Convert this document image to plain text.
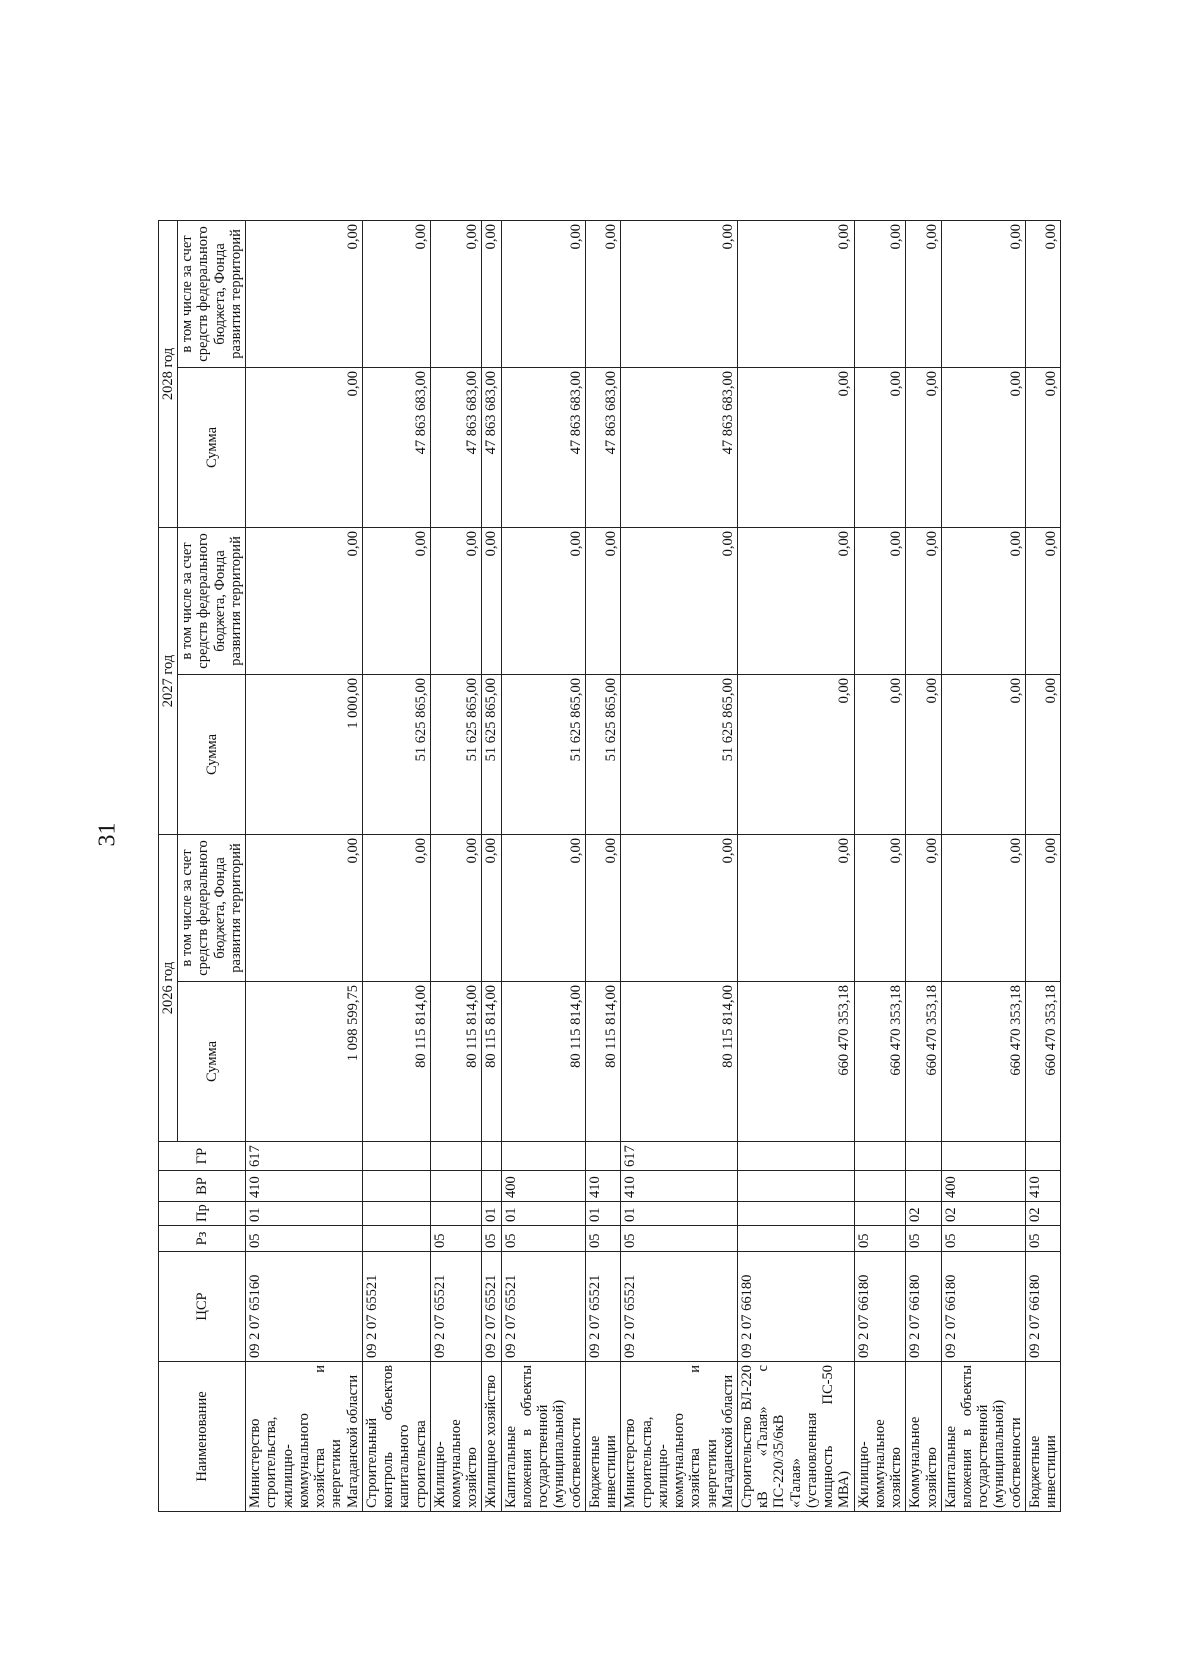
31
Наименование	ЦСР	Рз	Пр	ВР	ГР	2026 год		2027 год		2028 год		
						Сумма	в том числе за счет средств федерального бюджета, Фонда развития территорий	Сумма	в том числе за счет средств федерального бюджета, Фонда развития территорий	Сумма	в том числе за счет средств федерального бюджета, Фонда развития территорий	
Министерство строительства, жилищно-коммунального хозяйства и энергетики Магаданской области	09 2 07 65160	05	01	410	617	1 098 599,75	0,00	1 000,00	0,00	0,00	0,00	
Строительный контроль объектов капитального строительства	09 2 07 65521					80 115 814,00	0,00	51 625 865,00	0,00	47 863 683,00	0,00	
Жилищно-коммунальное хозяйство	09 2 07 65521	05				80 115 814,00	0,00	51 625 865,00	0,00	47 863 683,00	0,00	
Жилищное хозяйство	09 2 07 65521	05	01			80 115 814,00	0,00	51 625 865,00	0,00	47 863 683,00	0,00	
Капитальные вложения в объекты государственной (муниципальной) собственности	09 2 07 65521	05	01	400		80 115 814,00	0,00	51 625 865,00	0,00	47 863 683,00	0,00	
Бюджетные инвестиции	09 2 07 65521	05	01	410		80 115 814,00	0,00	51 625 865,00	0,00	47 863 683,00	0,00	
Министерство строительства, жилищно-коммунального хозяйства и энергетики Магаданской области	09 2 07 65521	05	01	410	617	80 115 814,00	0,00	51 625 865,00	0,00	47 863 683,00	0,00	
Строительство ВЛ-220 кВ «Талая» с ПС-220/35/6кВ «Талая» (установленная мощность ПС-50 МВА)	09 2 07 66180					660 470 353,18	0,00	0,00	0,00	0,00	0,00	
Жилищно-коммунальное хозяйство	09 2 07 66180	05				660 470 353,18	0,00	0,00	0,00	0,00	0,00	
Коммунальное хозяйство	09 2 07 66180	05	02			660 470 353,18	0,00	0,00	0,00	0,00	0,00	
Капитальные вложения в объекты государственной (муниципальной) собственности	09 2 07 66180	05	02	400		660 470 353,18	0,00	0,00	0,00	0,00	0,00	
Бюджетные инвестиции	09 2 07 66180	05	02	410		660 470 353,18	0,00	0,00	0,00	0,00	0,00	
